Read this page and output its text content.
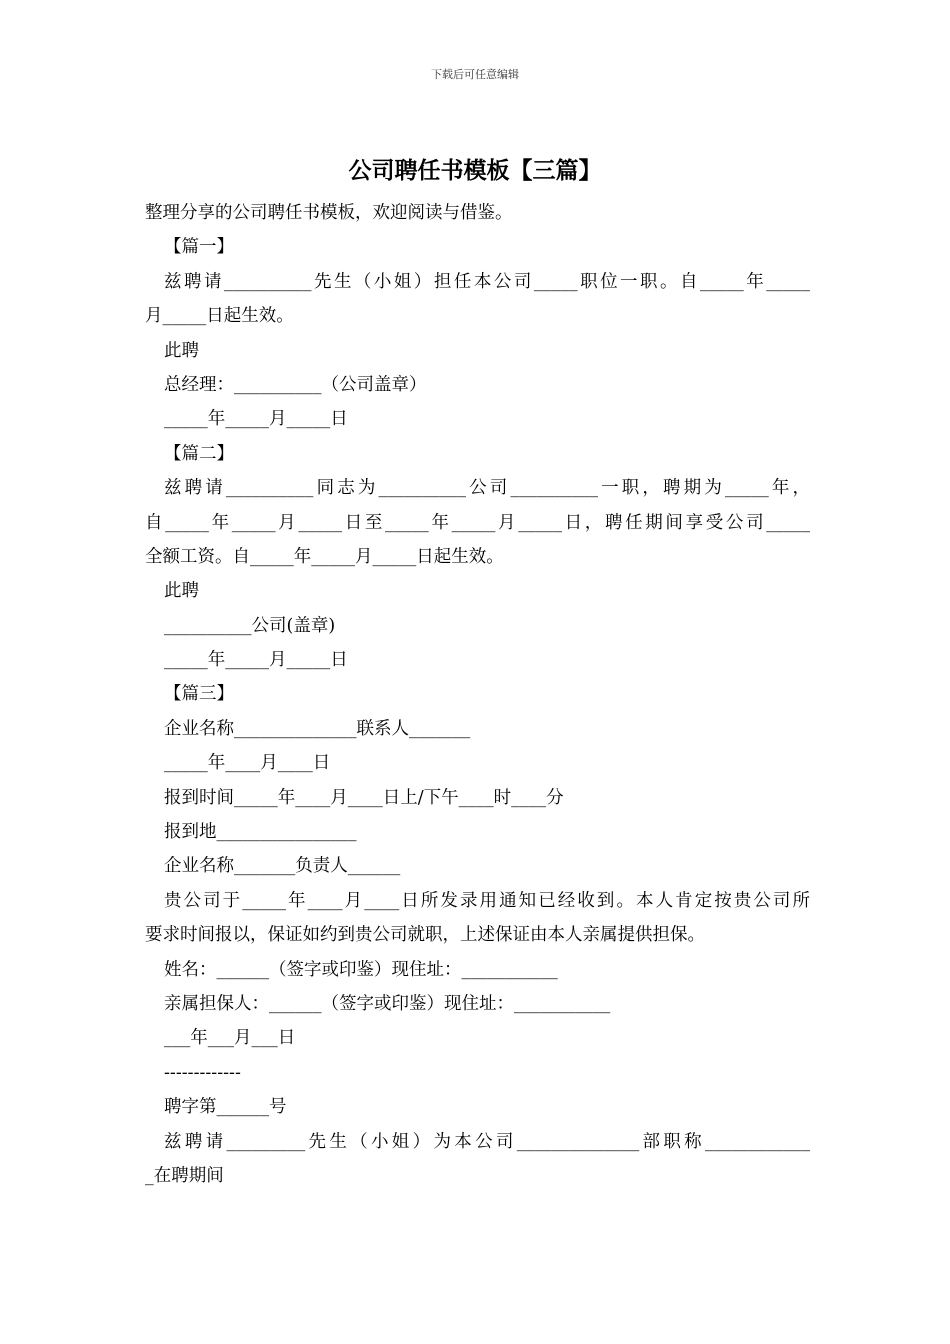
下载后可任意编辑
公司聘任书模板【三篇】
整理分享的公司聘任书模板，欢迎阅读与借鉴。
【篇一】
兹聘请__________先生（小姐）担任本公司_____职位一职。自_____年_____
月_____日起生效。
此聘
总经理：__________（公司盖章）
_____年_____月_____日
【篇二】
兹聘请__________同志为__________公司__________一职，聘期为_____年，
自_____年_____月_____日至_____年_____月_____日，聘任期间享受公司_____
全额工资。自_____年_____月_____日起生效。
此聘
__________公司(盖章)
_____年_____月_____日
【篇三】
企业名称______________联系人_______
_____年____月____日
报到时间_____年____月____日上/下午____时____分
报到地________________
企业名称_______负责人______
贵公司于_____年____月____日所发录用通知已经收到。本人肯定按贵公司所
要求时间报以，保证如约到贵公司就职，上述保证由本人亲属提供担保。
姓名：______（签字或印鉴）现住址：___________
亲属担保人：______（签字或印鉴）现住址：___________
___年___月___日
-------------
聘字第______号
兹聘请_________先生（小姐）为本公司______________部职称____________
_在聘期间
